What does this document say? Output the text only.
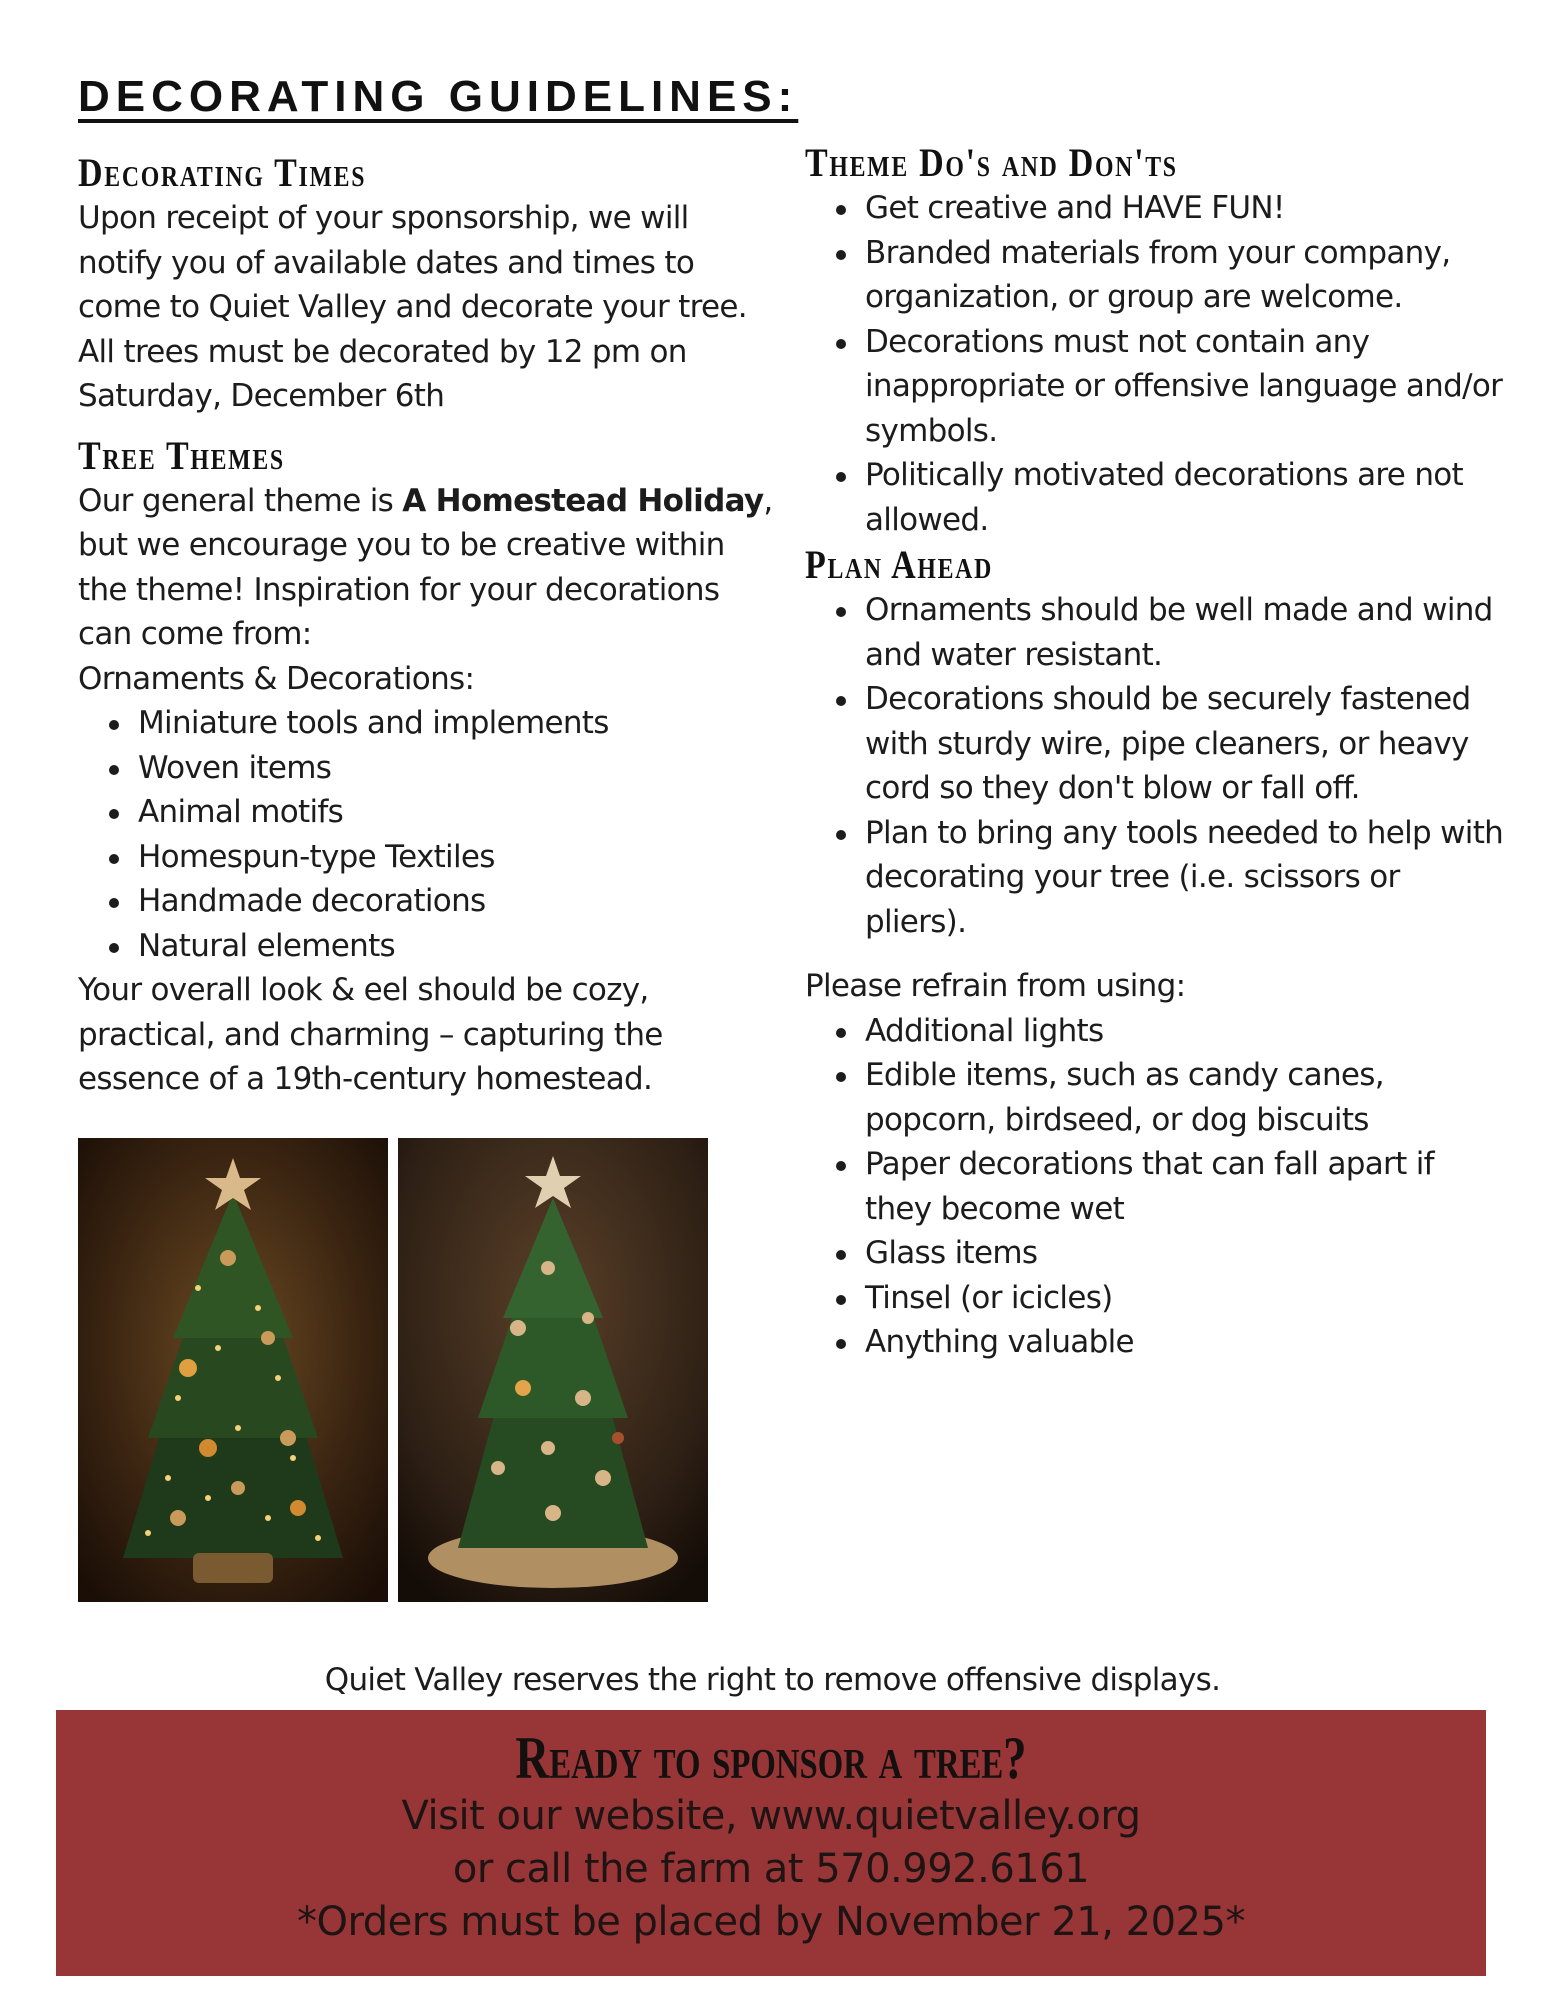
DECORATING GUIDELINES:
Decorating Times

Upon receipt of your sponsorship, we will notify you of available dates and times to come to Quiet Valley and decorate your tree. All trees must be decorated by 12 pm on Saturday, December 6th

Tree Themes

Our general theme is A Homestead Holiday, but we encourage you to be creative within the theme! Inspiration for your decorations can come from:

Ornaments & Decorations:
Miniature tools and implements
Woven items
Animal motifs
Homespun-type Textiles
Handmade decorations
Natural elements

Your overall look & eel should be cozy, practical, and charming – capturing the essence of a 19th-century homestead.

Theme Do's and Don'ts
Get creative and HAVE FUN!
Branded materials from your company, organization, or group are welcome.
Decorations must not contain any inappropriate or offensive language and/or symbols.
Politically motivated decorations are not allowed.
Plan Ahead
Ornaments should be well made and wind and water resistant.
Decorations should be securely fastened with sturdy wire, pipe cleaners, or heavy cord so they don't blow or fall off.
Plan to bring any tools needed to help with decorating your tree (i.e. scissors or pliers).
Please refrain from using:
Additional lights
Edible items, such as candy canes, popcorn, birdseed, or dog biscuits
Paper decorations that can fall apart if they become wet
Glass items
Tinsel (or icicles)
Anything valuable
Quiet Valley reserves the right to remove offensive displays.
Ready to sponsor a tree?
Visit our website, www.quietvalley.org
or call the farm at 570.992.6161
*Orders must be placed by November 21, 2025*
